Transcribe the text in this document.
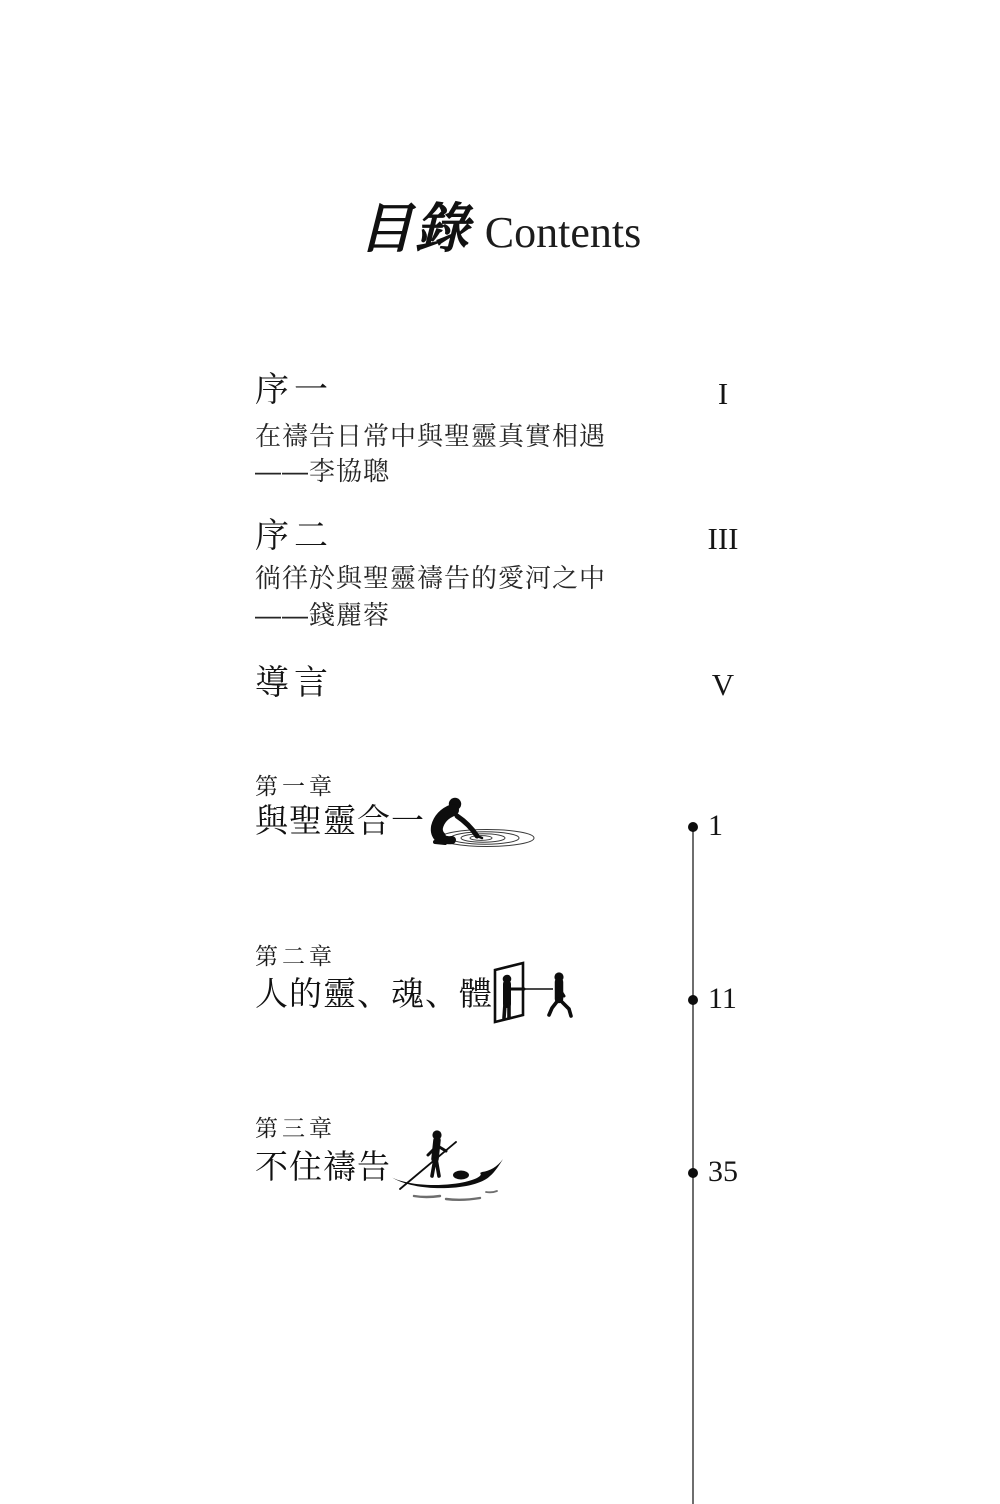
目錄 Contents
序一	I
在禱告日常中與聖靈真實相遇
——李協聰
序二	III
徜徉於與聖靈禱告的愛河之中
——錢麗蓉
導言	V
第一章
與聖靈合一	1
第二章
人的靈、魂、體	11
第三章
不住禱告	35
